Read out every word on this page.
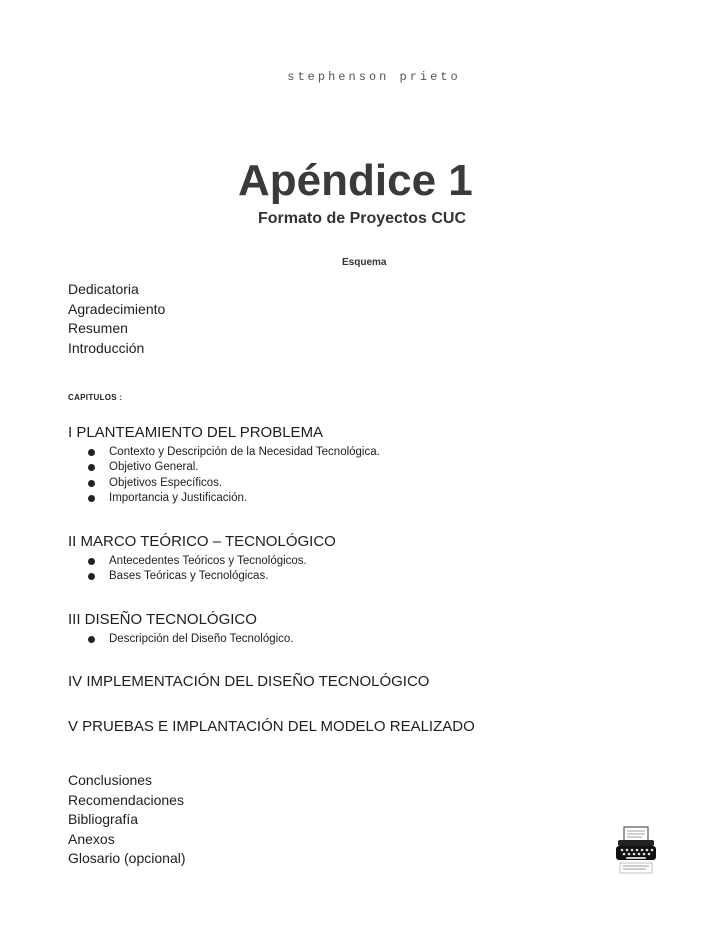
stephenson prieto
Apéndice 1
Formato de Proyectos CUC
Esquema
Dedicatoria
Agradecimiento
Resumen
Introducción
CAPITULOS :
I PLANTEAMIENTO DEL PROBLEMA
Contexto y Descripción de la Necesidad Tecnológica.
Objetivo General.
Objetivos Específicos.
Importancia y Justificación.
II MARCO TEÓRICO – TECNOLÓGICO
Antecedentes Teóricos y Tecnológicos.
Bases Teóricas y Tecnológicas.
III DISEÑO TECNOLÓGICO
Descripción del Diseño Tecnológico.
IV IMPLEMENTACIÓN DEL DISEÑO TECNOLÓGICO
V PRUEBAS E IMPLANTACIÓN DEL MODELO REALIZADO
Conclusiones
Recomendaciones
Bibliografía
Anexos
Glosario (opcional)
